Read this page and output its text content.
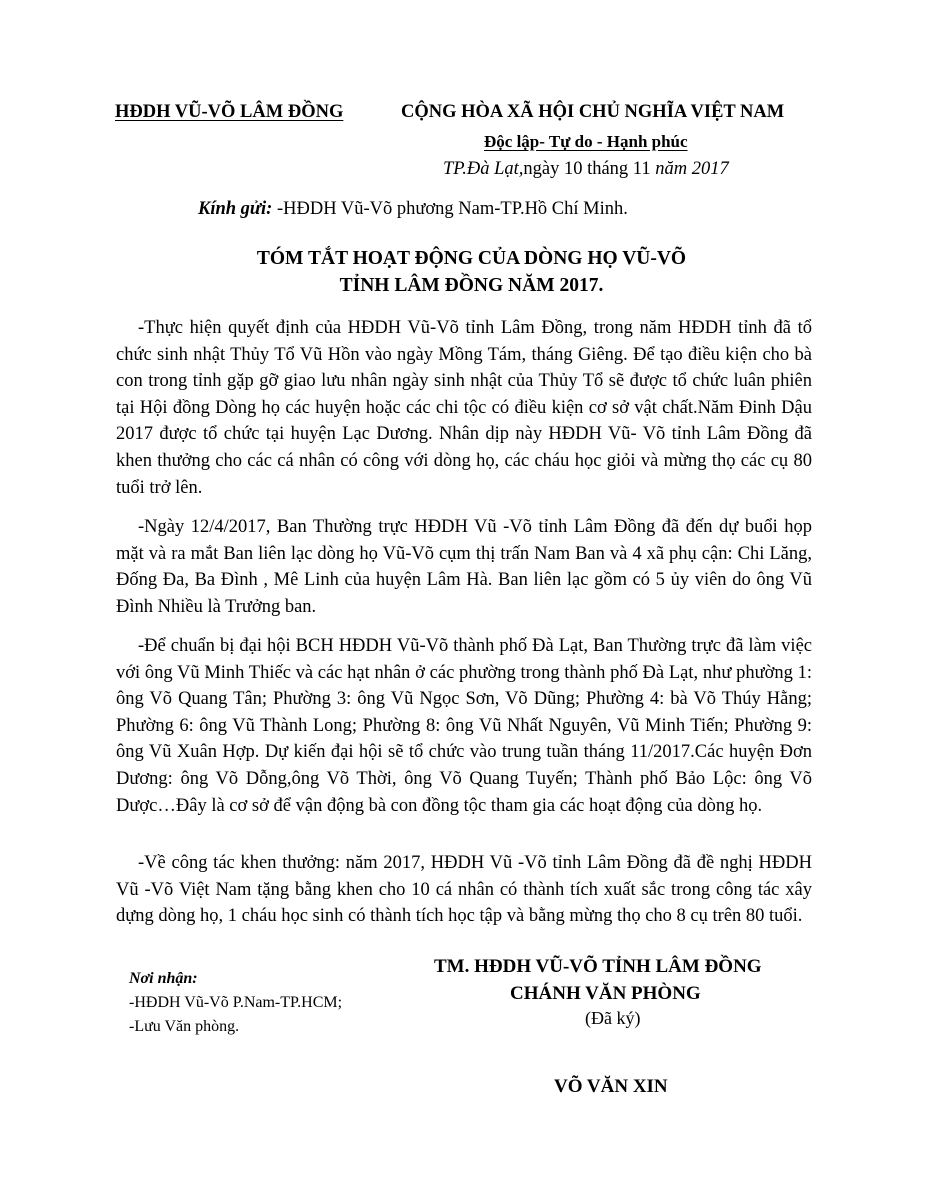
HĐDH VŨ-VÕ LÂM ĐỒNG	CỘNG HÒA XÃ HỘI CHỦ NGHĨA VIỆT NAM
Độc lập- Tự do - Hạnh phúc
TP.Đà Lạt,ngày 10 tháng 11 năm 2017
Kính gửi: -HĐDH Vũ-Võ phương Nam-TP.Hồ Chí Minh.
TÓM TẮT HOẠT ĐỘNG CỦA DÒNG HỌ VŨ-VÕ
TỈNH LÂM ĐỒNG NĂM 2017.

-Thực hiện quyết định của HĐDH Vũ-Võ tỉnh Lâm Đồng, trong năm HĐDH tỉnh đã tổ chức sinh nhật Thủy Tổ Vũ Hồn vào ngày Mồng Tám, tháng Giêng. Để tạo điều kiện cho bà con trong tỉnh gặp gỡ giao lưu nhân ngày sinh nhật của Thủy Tổ sẽ được tổ chức luân phiên tại Hội đồng Dòng họ các huyện hoặc các chi tộc có điều kiện cơ sở vật chất.Năm Đinh Dậu 2017 được tổ chức tại huyện Lạc Dương. Nhân dịp này HĐDH Vũ- Võ tỉnh Lâm Đồng đã khen thưởng cho các cá nhân có công với dòng họ, các cháu học giỏi và mừng thọ các cụ 80 tuổi trở lên.

-Ngày 12/4/2017, Ban Thường trực HĐDH Vũ -Võ tỉnh Lâm Đồng đã đến dự buổi họp mặt và ra mắt Ban liên lạc dòng họ Vũ-Võ cụm thị trấn Nam Ban và 4 xã phụ cận: Chi Lăng, Đống Đa, Ba Đình , Mê Linh của huyện Lâm Hà. Ban liên lạc gồm có 5 ủy viên do ông Vũ Đình Nhiều là Trưởng ban.

-Để chuẩn bị đại hội BCH HĐDH Vũ-Võ thành phố Đà Lạt, Ban Thường trực đã làm việc với ông Vũ Minh Thiếc và các hạt nhân ở các phường trong thành phố Đà Lạt, như phường 1: ông Võ Quang Tân; Phường 3: ông Vũ Ngọc Sơn, Võ Dũng; Phường 4: bà Võ Thúy Hằng; Phường 6: ông Vũ Thành Long; Phường 8: ông Vũ Nhất Nguyên, Vũ Minh Tiến; Phường 9: ông Vũ Xuân Hợp. Dự kiến đại hội sẽ tổ chức vào trung tuần tháng 11/2017.Các huyện Đơn Dương: ông Võ Dỗng,ông Võ Thời, ông Võ Quang Tuyến; Thành phố Bảo Lộc: ông Võ Dược…Đây là cơ sở để vận động bà con đồng tộc tham gia các hoạt động của dòng họ.

-Về công tác khen thưởng: năm 2017, HĐDH Vũ -Võ tỉnh Lâm Đồng đã đề nghị HĐDH Vũ -Võ Việt Nam tặng bằng khen cho 10 cá nhân có thành tích xuất sắc trong công tác xây dựng dòng họ, 1 cháu học sinh có thành tích học tập và bằng mừng thọ cho 8 cụ trên 80 tuổi.

Nơi nhận:
-HĐDH Vũ-Võ P.Nam-TP.HCM;
-Lưu Văn phòng.
TM. HĐDH VŨ-VÕ TỈNH LÂM ĐỒNG
CHÁNH VĂN PHÒNG
(Đã ký)
VÕ VĂN XIN
